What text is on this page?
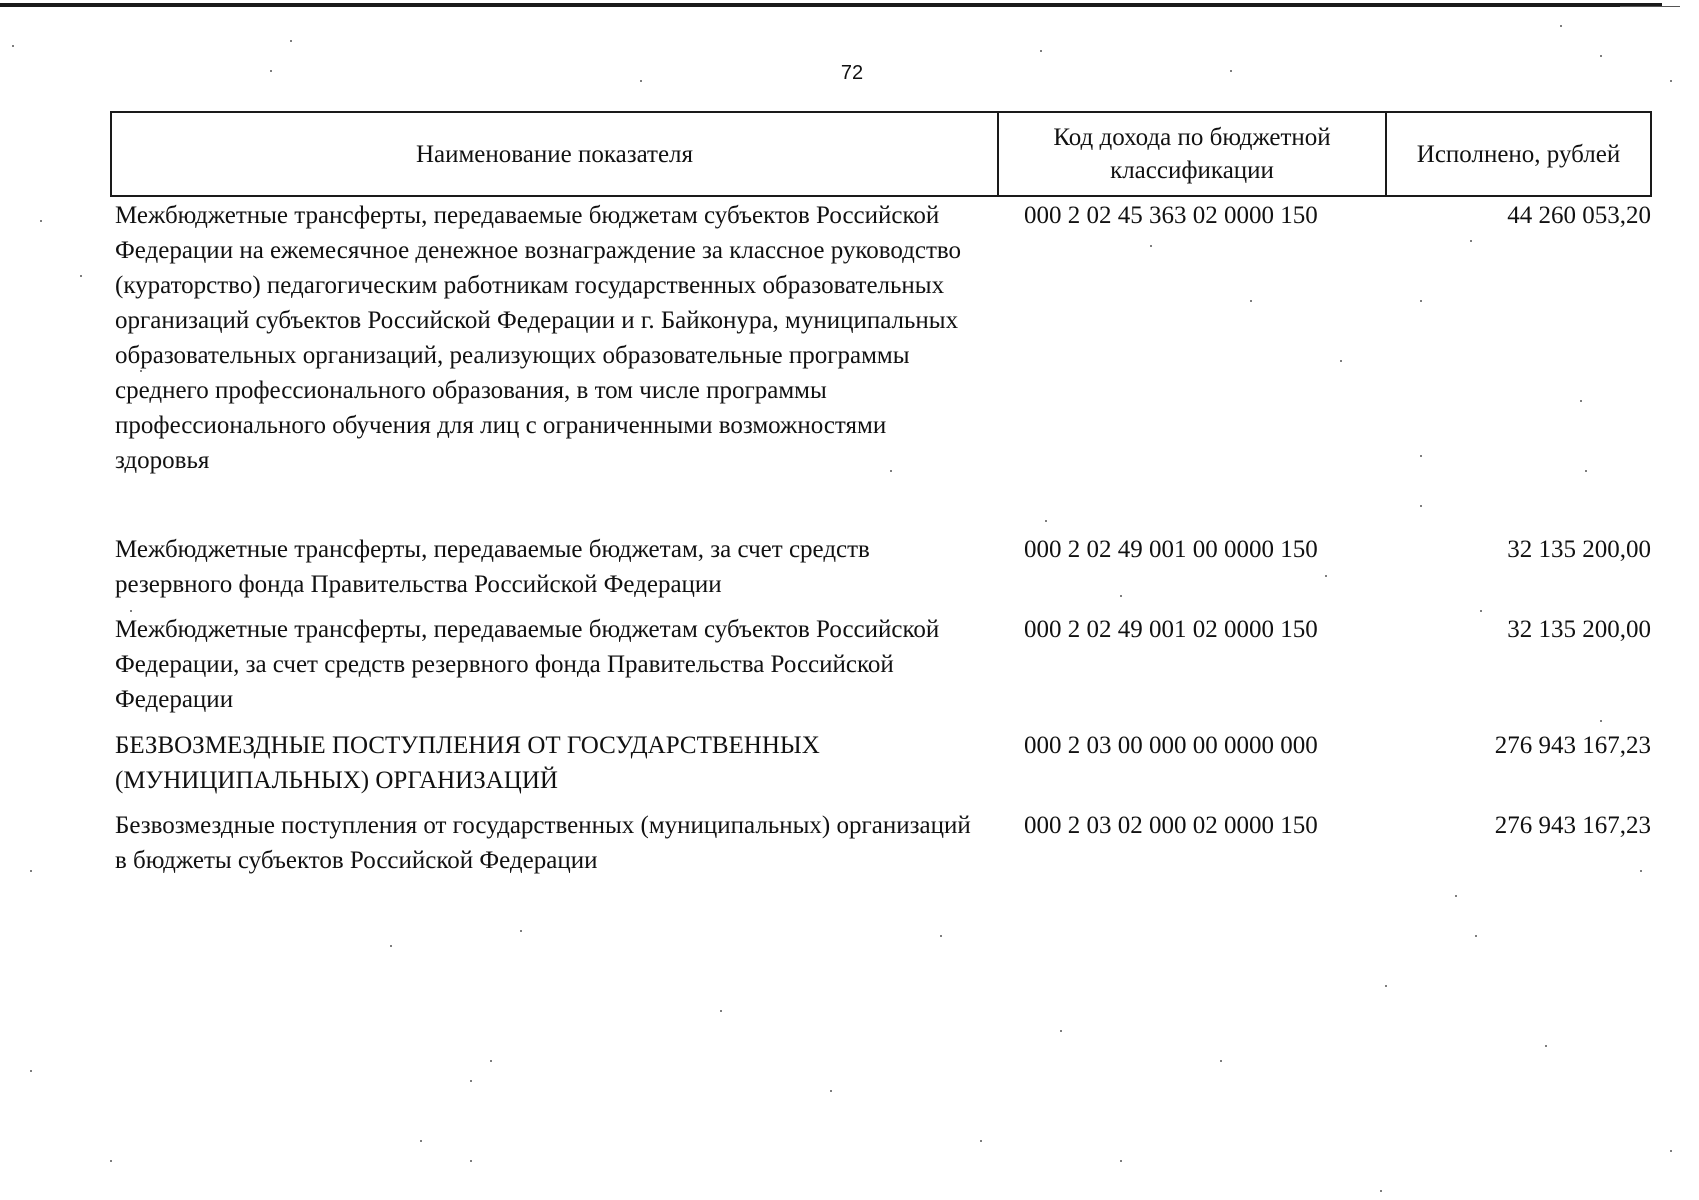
72
Наименование показателя	Код дохода по бюджетной классификации	Исполнено, рублей
Межбюджетные трансферты, передаваемые бюджетам субъектов Российской Федерации на ежемесячное денежное вознаграждение за классное руководство (кураторство) педагогическим работникам государственных образовательных организаций субъектов Российской Федерации и г. Байконура, муниципальных образовательных организаций, реализующих образовательные программы среднего профессионального образования, в том числе программы профессионального обучения для лиц с ограниченными возможностями здоровья	000 2 02 45 363 02 0000 150	44 260 053,20
Межбюджетные трансферты, передаваемые бюджетам, за счет средств резервного фонда Правительства Российской Федерации	000 2 02 49 001 00 0000 150	32 135 200,00
Межбюджетные трансферты, передаваемые бюджетам субъектов Российской Федерации, за счет средств резервного фонда Правительства Российской Федерации	000 2 02 49 001 02 0000 150	32 135 200,00
БЕЗВОЗМЕЗДНЫЕ ПОСТУПЛЕНИЯ ОТ ГОСУДАРСТВЕННЫХ (МУНИЦИПАЛЬНЫХ) ОРГАНИЗАЦИЙ	000 2 03 00 000 00 0000 000	276 943 167,23
Безвозмездные поступления от государственных (муниципальных) организаций в бюджеты субъектов Российской Федерации	000 2 03 02 000 02 0000 150	276 943 167,23
